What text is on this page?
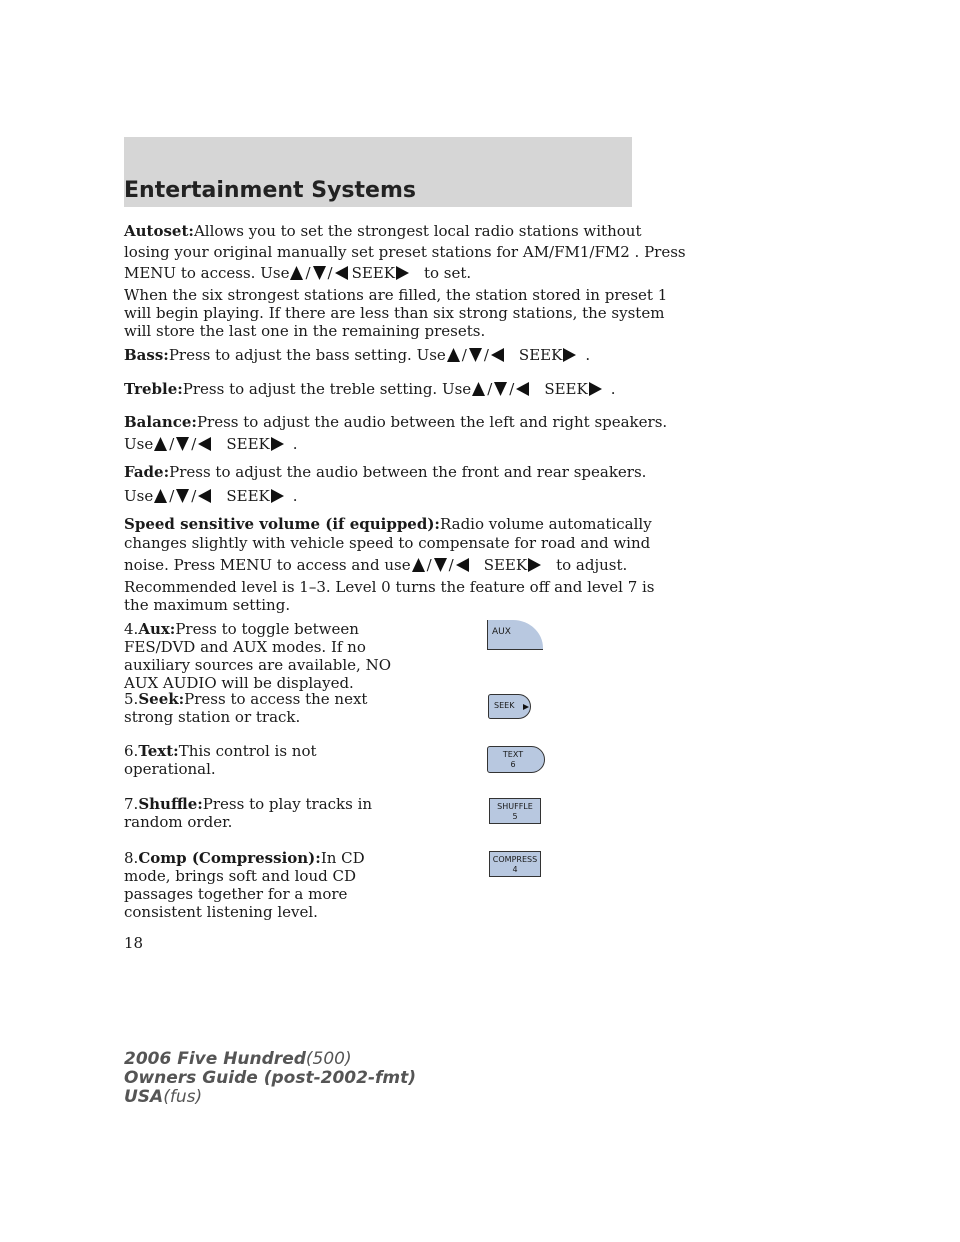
Entertainment Systems
Autoset:Allows you to set the strongest local radio stations without
losing your original manually set preset stations for AM/FM1/FM2 . Press
MENU to access. Use / / SEEK to set.
When the six strongest stations are filled, the station stored in preset 1
will begin playing. If there are less than six strong stations, the system
will store the last one in the remaining presets.
Bass:Press to adjust the bass setting. Use / / SEEK .
Treble:Press to adjust the treble setting. Use / / SEEK .
Balance:Press to adjust the audio between the left and right speakers.
Use / / SEEK .
Fade:Press to adjust the audio between the front and rear speakers.
Use / / SEEK .
Speed sensitive volume (if equipped):Radio volume automatically
changes slightly with vehicle speed to compensate for road and wind
noise. Press MENU to access and use / / SEEK to adjust.
Recommended level is 1–3. Level 0 turns the feature off and level 7 is
the maximum setting.
4.Aux:Press to toggle between
FES/DVD and AUX modes. If no
auxiliary sources are available, NO
AUX AUDIO will be displayed.
5.Seek:Press to access the next
strong station or track.
6.Text:This control is not
operational.
7.Shuffle:Press to play tracks in
random order.
8.Comp (Compression):In CD
mode, brings soft and loud CD
passages together for a more
consistent listening level.
AUX
SEEK
TEXT
6
SHUFFLE
5
COMPRESS
4
18
2006 Five Hundred(500)
Owners Guide (post-2002-fmt)
USA(fus)
